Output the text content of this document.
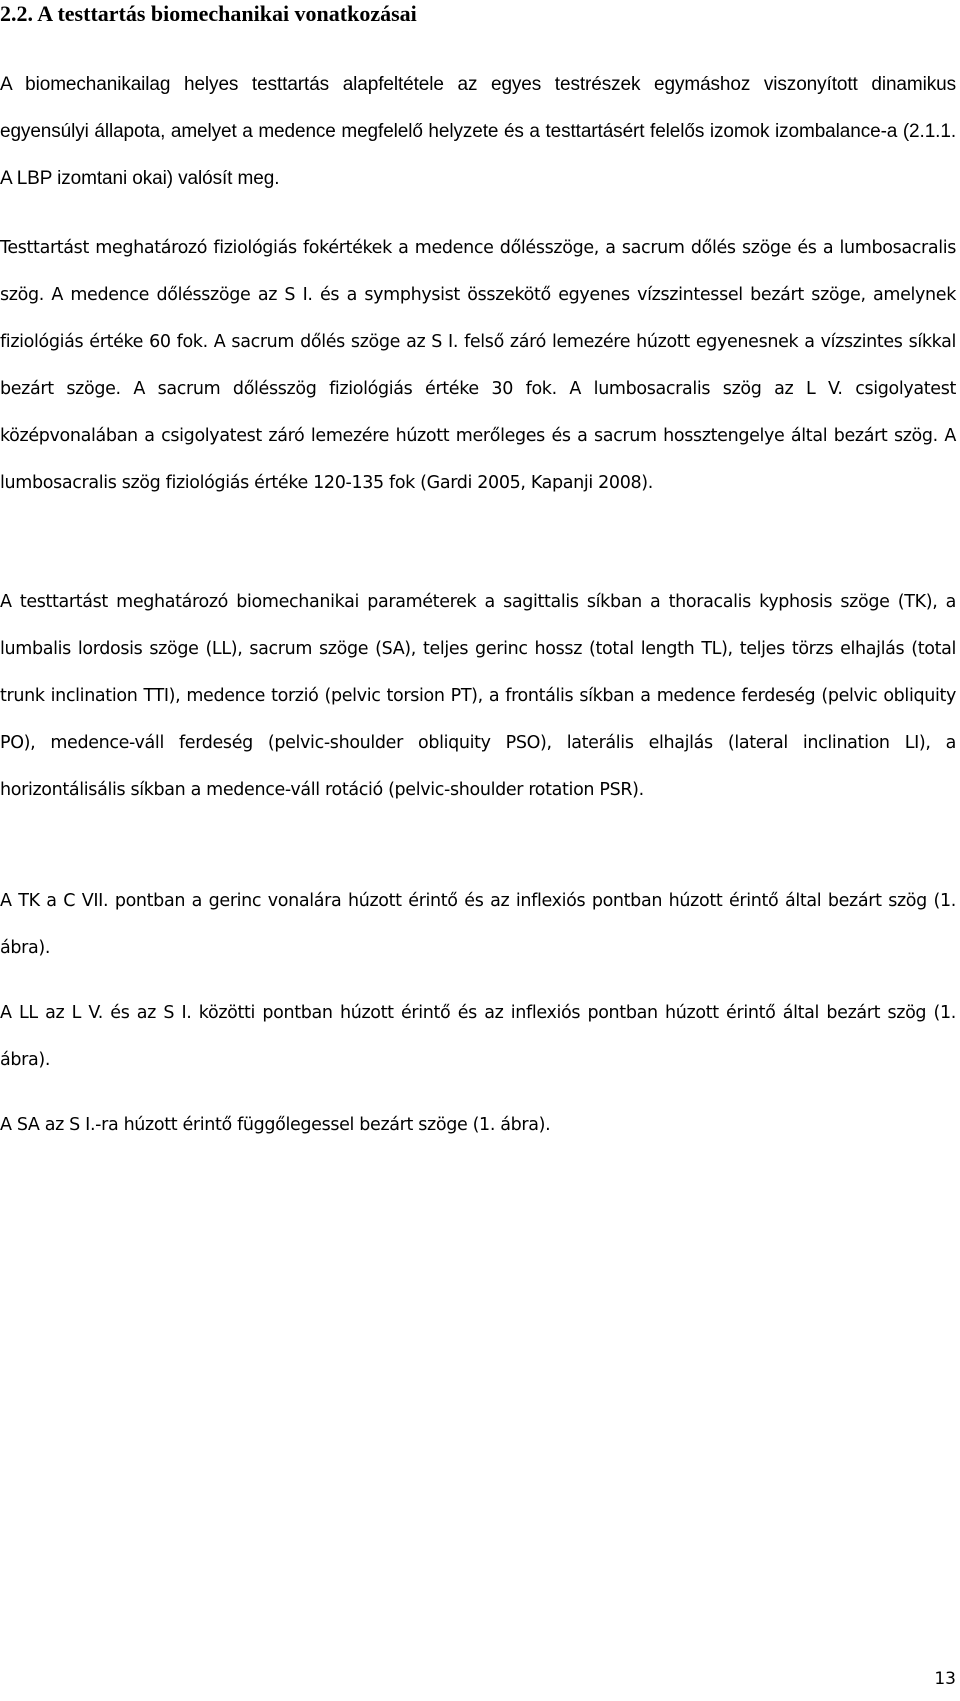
2.2. A testtartás biomechanikai vonatkozásai

A biomechanikailag helyes testtartás alapfeltétele az egyes testrészek egymáshoz viszonyított dinamikus egyensúlyi állapota, amelyet a medence megfelelő helyzete és a testtartásért felelős izomok izombalance-a (2.1.1. A LBP izomtani okai) valósít meg.

Testtartást meghatározó fiziológiás fokértékek a medence dőlésszöge, a sacrum dőlés szöge és a lumbosacralis szög. A medence dőlésszöge az S I. és a symphysist összekötő egyenes vízszintessel bezárt szöge, amelynek fiziológiás értéke 60 fok. A sacrum dőlés szöge az S I. felső záró lemezére húzott egyenesnek a vízszintes síkkal bezárt szöge. A sacrum dőlésszög fiziológiás értéke 30 fok. A lumbosacralis szög az L V. csigolyatest középvonalában a csigolyatest záró lemezére húzott merőleges és a sacrum hossztengelye által bezárt szög. A lumbosacralis szög fiziológiás értéke 120-135 fok (Gardi 2005, Kapanji 2008).

A testtartást meghatározó biomechanikai paraméterek a sagittalis síkban a thoracalis kyphosis szöge (TK), a lumbalis lordosis szöge (LL), sacrum szöge (SA), teljes gerinc hossz (total length TL), teljes törzs elhajlás (total trunk inclination TTI), medence torzió (pelvic torsion PT), a frontális síkban a medence ferdeség (pelvic obliquity PO), medence-váll ferdeség (pelvic-shoulder obliquity PSO), laterális elhajlás (lateral inclination LI), a horizontálisális síkban a medence-váll rotáció (pelvic-shoulder rotation PSR).

A TK a C VII. pontban a gerinc vonalára húzott érintő és az inflexiós pontban húzott érintő által bezárt szög (1. ábra).

A LL az L V. és az S I. közötti pontban húzott érintő és az inflexiós pontban húzott érintő által bezárt szög (1. ábra).

A SA az S I.-ra húzott érintő függőlegessel bezárt szöge (1. ábra).

13
